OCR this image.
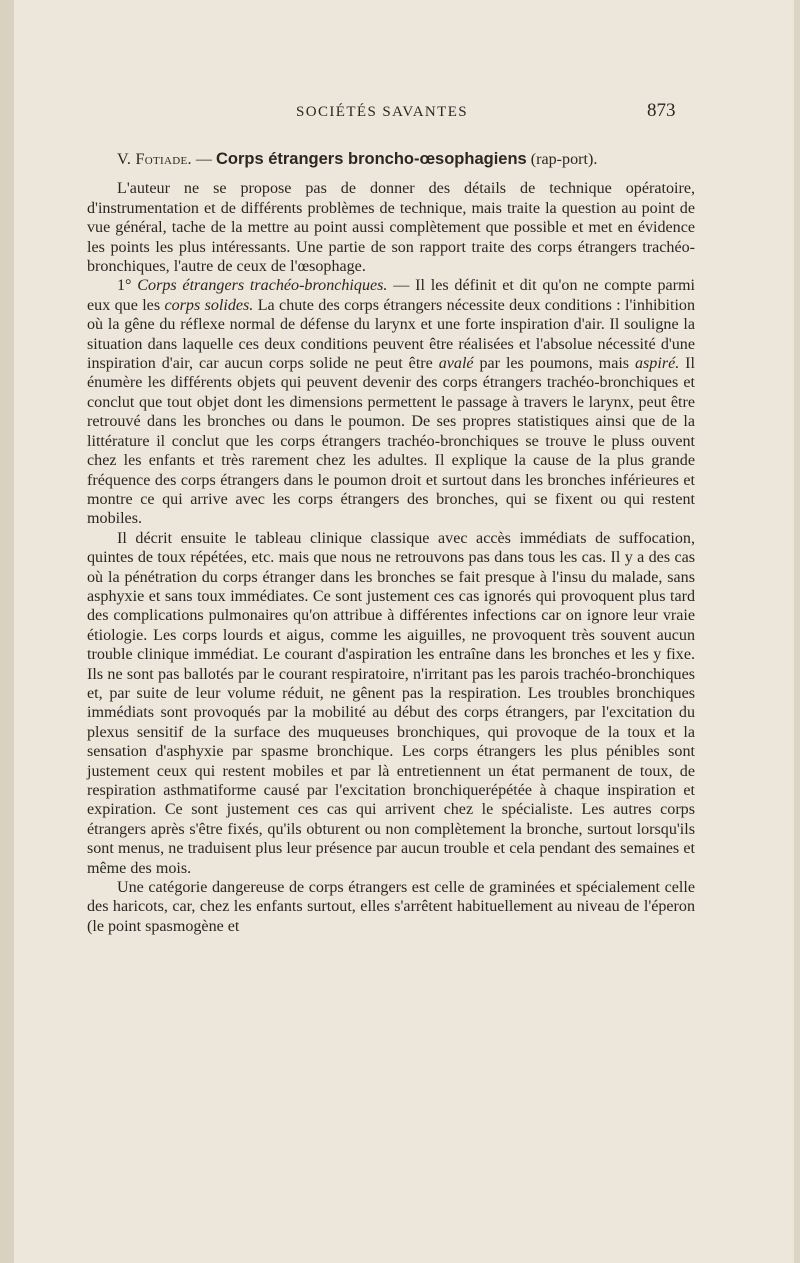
SOCIÉTÉS SAVANTES	873

V. Fotiade. — Corps étrangers broncho-œsophagiens (rap-port).

L'auteur ne se propose pas de donner des détails de technique opératoire, d'instrumentation et de différents problèmes de technique, mais traite la question au point de vue général, tache de la mettre au point aussi complètement que possible et met en évidence les points les plus intéressants. Une partie de son rapport traite des corps étrangers trachéo-bronchiques, l'autre de ceux de l'œsophage.

1° Corps étrangers trachéo-bronchiques. — Il les définit et dit qu'on ne compte parmi eux que les corps solides. La chute des corps étrangers nécessite deux conditions : l'inhibition où la gêne du réflexe normal de défense du larynx et une forte inspiration d'air. Il souligne la situation dans laquelle ces deux conditions peuvent être réalisées et l'absolue nécessité d'une inspiration d'air, car aucun corps solide ne peut être avalé par les poumons, mais aspiré. Il énumère les différents objets qui peuvent devenir des corps étrangers trachéo-bronchiques et conclut que tout objet dont les dimensions permettent le passage à travers le larynx, peut être retrouvé dans les bronches ou dans le poumon. De ses propres statistiques ainsi que de la littérature il conclut que les corps étrangers trachéo-bronchiques se trouve le pluss ouvent chez les enfants et très rarement chez les adultes. Il explique la cause de la plus grande fréquence des corps étrangers dans le poumon droit et surtout dans les bronches inférieures et montre ce qui arrive avec les corps étrangers des bronches, qui se fixent ou qui restent mobiles.

Il décrit ensuite le tableau clinique classique avec accès immédiats de suffocation, quintes de toux répétées, etc. mais que nous ne retrouvons pas dans tous les cas. Il y a des cas où la pénétration du corps étranger dans les bronches se fait presque à l'insu du malade, sans asphyxie et sans toux immédiates. Ce sont justement ces cas ignorés qui provoquent plus tard des complications pulmonaires qu'on attribue à différentes infections car on ignore leur vraie étiologie. Les corps lourds et aigus, comme les aiguilles, ne provoquent très souvent aucun trouble clinique immédiat. Le courant d'aspiration les entraîne dans les bronches et les y fixe. Ils ne sont pas ballotés par le courant respiratoire, n'irritant pas les parois trachéo-bronchiques et, par suite de leur volume réduit, ne gênent pas la respiration. Les troubles bronchiques immédiats sont provoqués par la mobilité au début des corps étrangers, par l'excitation du plexus sensitif de la surface des muqueuses bronchiques, qui provoque de la toux et la sensation d'asphyxie par spasme bronchique. Les corps étrangers les plus pénibles sont justement ceux qui restent mobiles et par là entretiennent un état permanent de toux, de respiration asthmatiforme causé par l'excitation bronchiquerépétée à chaque inspiration et expiration. Ce sont justement ces cas qui arrivent chez le spécialiste. Les autres corps étrangers après s'être fixés, qu'ils obturent ou non complètement la bronche, surtout lorsqu'ils sont menus, ne traduisent plus leur présence par aucun trouble et cela pendant des semaines et même des mois.

Une catégorie dangereuse de corps étrangers est celle de graminées et spécialement celle des haricots, car, chez les enfants surtout, elles s'arrêtent habituellement au niveau de l'éperon (le point spasmogène et
